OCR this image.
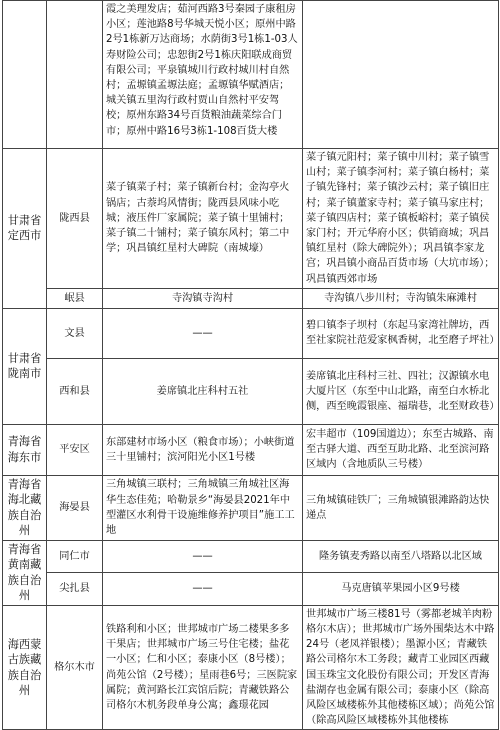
		霞之美理发店；茹河西路3号秦园子康租房小区；莲池路8号华城天悦小区；原州中路2号1栋新万达商场；水荫街3号1栋1-03人寿财险公司；忠恕街2号1栋庆阳联成商贸有限公司；平泉镇城川行政村城川村自然村；孟塬镇孟塬法庭；孟塬镇华赋酒店；城关镇五里沟行政村贾山自然村平安驾校；原州东路34号百货粮油蔬菜综合门市；原州中路16号3栋1-108百货大楼	
甘肃省定西市	陇西县	菜子镇菜子村；菜子镇新台村；金沟亭火锅店；古萘坞风情街；陇西县风味小吃城；液压件厂家属院；菜子镇十里铺村；菜子镇二十铺村；菜子镇东风村；第二中学；巩昌镇红星村大碑院（南城壕）	菜子镇元阳村；菜子镇中川村；菜子镇雪山村；菜子镇李河村；菜子镇白杨村；菜子镇先锋村；菜子镇沙云村；菜子镇旧庄村；菜子镇董家寺村；菜子镇马家庄村；菜子镇四店村；菜子镇板峪村；菜子镇侯家门村；开元华府小区；供销商城；巩昌镇红星村（除大碑院外）；巩昌镇李家龙宫；巩昌镇小商品百货市场（大坑市场）；巩昌镇西郊市场
	岷县	寺沟镇寺沟村	寺沟镇八步川村；寺沟镇朱麻滩村
甘肃省陇南市	文县	——	碧口镇李子坝村（东起马家湾社牌坊，西至社家院社范爱家枫香树，北至磨子坪社）
	西和县	姜席镇北庄科村五社	姜席镇北庄科村三社、四社；汉源镇水电大厦片区（东至中山北路，南至白水桥北侧，西至晚霞银座、福瑞巷，北至财政巷）
青海省海东市	平安区	东部建材市场小区（粮食市场）；小峡街道三十里铺村；滨河阳光小区1号楼	宏丰超市（109国道边）；东至古城路、南至古驿大道、西至互助北路、北至滨河路区域内（含地质队三号楼）
青海省海北藏族自治州	海晏县	三角城镇三联村；三角城镇三角城社区海华生态佳苑；哈勒景乡“海晏县2021年中型灌区水利骨干设施维修养护项目”施工工地	三角城镇硅铁厂；三角城镇银滩路韵达快递点
青海省黄南藏族自治州	同仁市	——	隆务镇麦秀路以南至八塔路以北区域
	尖扎县	——	马克唐镇苹果园小区9号楼
海西蒙古族藏族自治州	格尔木市	铁路利和小区；世邦城市广场二楼果多多干果店；世邦城市广场三号住宅楼；盐花一小区；仁和小区；泰康小区（8号楼）；尚苑公馆（2号楼）；星雨巷6号；三医院家属院；黄河路长江宾馆后院；青藏铁路公司格尔木机务段单身公寓；鑫璟花园	世邦城市广场三楼81号（雾都老城羊肉粉格尔木店）；世邦城市广场外围柴达木中路24号（老凤祥银楼）；墨源小区；青藏铁路公司格尔木工务段；藏青工业园区西藏国玉珠宝文化股份有限公司；开发区青海盐湖存也金属有限公司；泰康小区（除高风险区域楼栋外其他楼栋区域）；尚苑公馆（除高风险区域楼栋外其他楼栋
